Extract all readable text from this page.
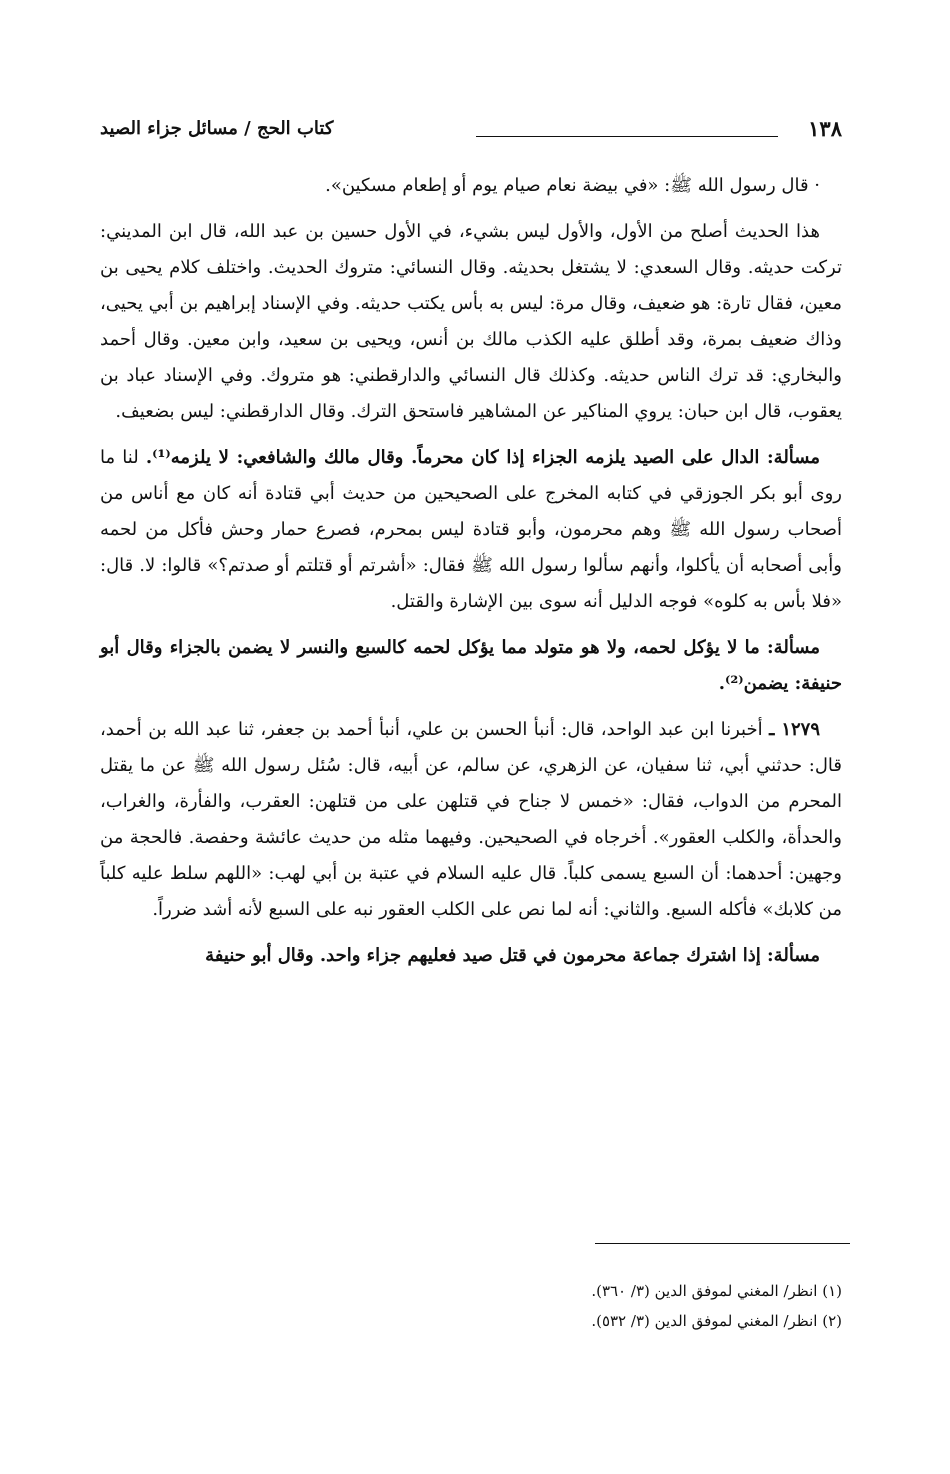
١٣٨
كتاب الحج / مسائل جزاء الصيد

· قال رسول الله ﷺ: «في بيضة نعام صيام يوم أو إطعام مسكين».

هذا الحديث أصلح من الأول، والأول ليس بشيء، في الأول حسين بن عبد الله، قال ابن المديني: تركت حديثه. وقال السعدي: لا يشتغل بحديثه. وقال النسائي: متروك الحديث. واختلف كلام يحيى بن معين، فقال تارة: هو ضعيف، وقال مرة: ليس به بأس يكتب حديثه. وفي الإسناد إبراهيم بن أبي يحيى، وذاك ضعيف بمرة، وقد أطلق عليه الكذب مالك بن أنس، ويحيى بن سعيد، وابن معين. وقال أحمد والبخاري: قد ترك الناس حديثه. وكذلك قال النسائي والدارقطني: هو متروك. وفي الإسناد عباد بن يعقوب، قال ابن حبان: يروي المناكير عن المشاهير فاستحق الترك. وقال الدارقطني: ليس بضعيف.

مسألة: الدال على الصيد يلزمه الجزاء إذا كان محرماً. وقال مالك والشافعي: لا يلزمه⁽¹⁾. لنا ما روى أبو بكر الجوزقي في كتابه المخرج على الصحيحين من حديث أبي قتادة أنه كان مع أناس من أصحاب رسول الله ﷺ وهم محرمون، وأبو قتادة ليس بمحرم، فصرع حمار وحش فأكل من لحمه وأبى أصحابه أن يأكلوا، وأنهم سألوا رسول الله ﷺ فقال: «أشرتم أو قتلتم أو صدتم؟» قالوا: لا. قال: «فلا بأس به كلوه» فوجه الدليل أنه سوى بين الإشارة والقتل.

مسألة: ما لا يؤكل لحمه، ولا هو متولد مما يؤكل لحمه كالسبع والنسر لا يضمن بالجزاء وقال أبو حنيفة: يضمن⁽²⁾.

١٢٧٩ ـ أخبرنا ابن عبد الواحد، قال: أنبأ الحسن بن علي، أنبأ أحمد بن جعفر، ثنا عبد الله بن أحمد، قال: حدثني أبي، ثنا سفيان، عن الزهري، عن سالم، عن أبيه، قال: سُئل رسول الله ﷺ عن ما يقتل المحرم من الدواب، فقال: «خمس لا جناح في قتلهن على من قتلهن: العقرب، والفأرة، والغراب، والحدأة، والكلب العقور». أخرجاه في الصحيحين. وفيهما مثله من حديث عائشة وحفصة. فالحجة من وجهين: أحدهما: أن السبع يسمى كلباً. قال عليه السلام في عتبة بن أبي لهب: «اللهم سلط عليه كلباً من كلابك» فأكله السبع. والثاني: أنه لما نص على الكلب العقور نبه على السبع لأنه أشد ضرراً.

مسألة: إذا اشترك جماعة محرمون في قتل صيد فعليهم جزاء واحد. وقال أبو حنيفة

(١) انظر/ المغني لموفق الدين (٣/ ٣٦٠).
(٢) انظر/ المغني لموفق الدين (٣/ ٥٣٢).
